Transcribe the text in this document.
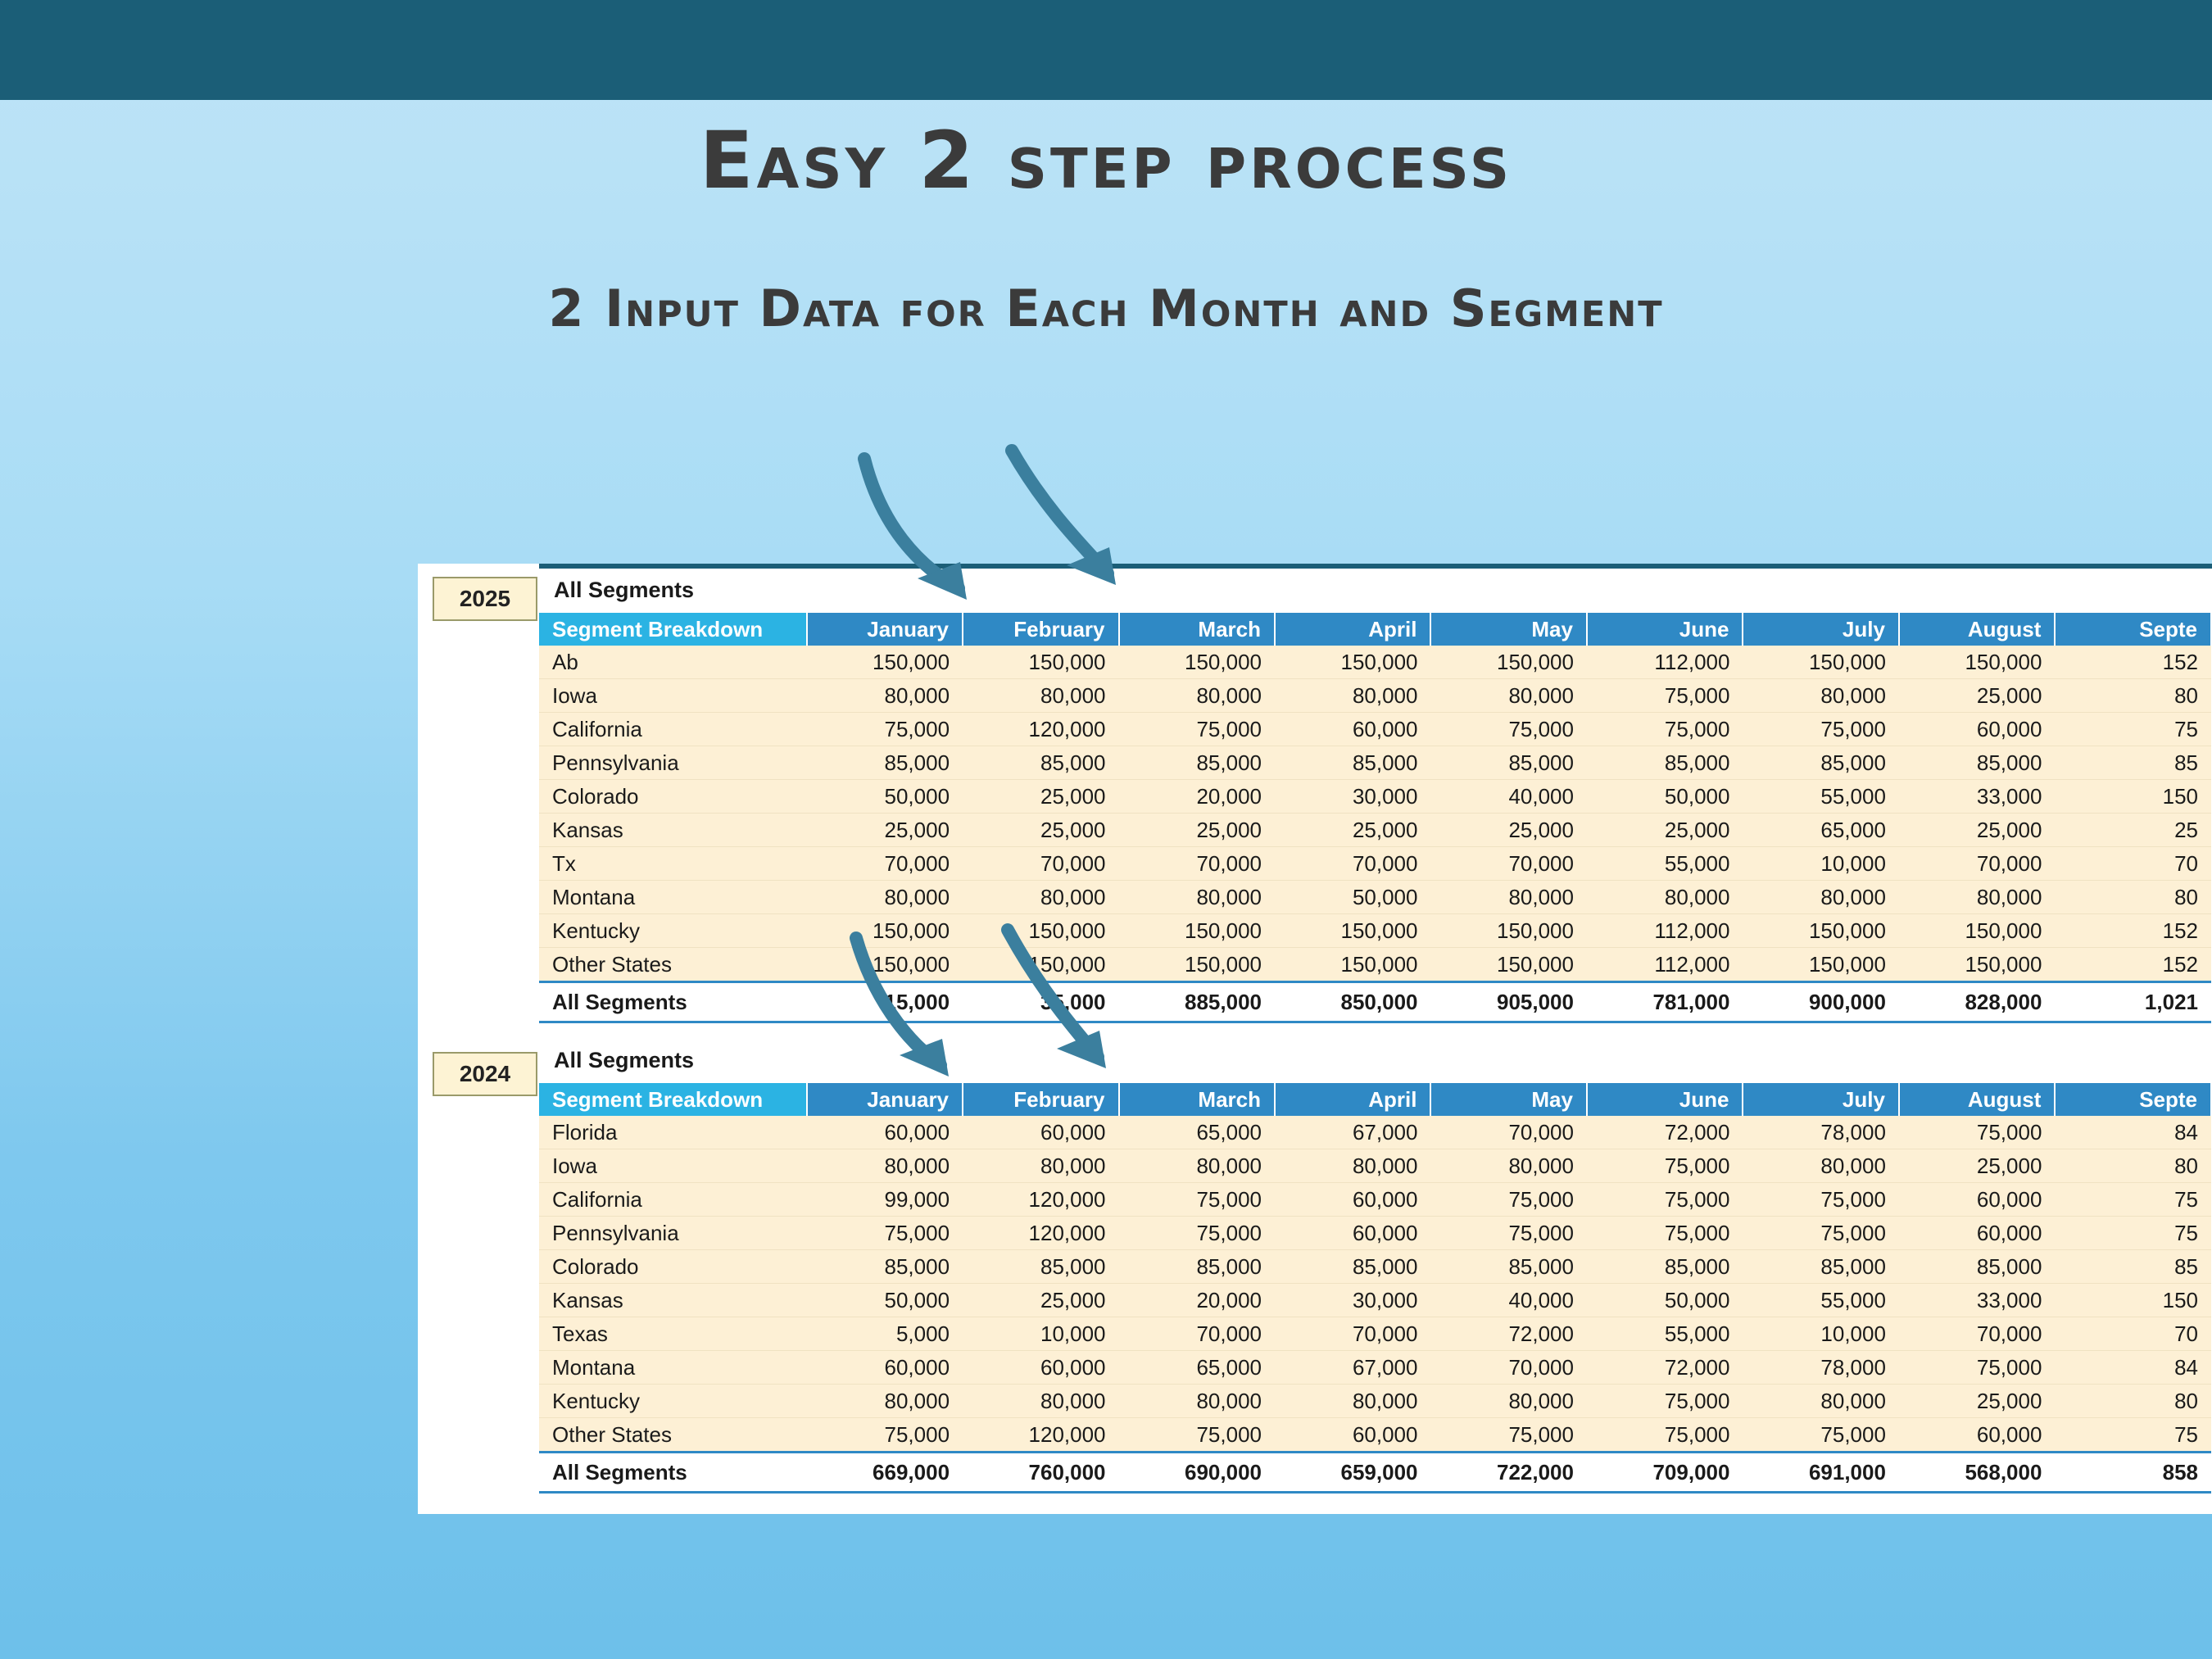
Easy 2 step process
2 Input Data for Each Month and Segment
2025	All Segments
Segment Breakdown	January	February	March	April	May	June	July	August	Septe
Ab	150,000	150,000	150,000	150,000	150,000	112,000	150,000	150,000	152
Iowa	80,000	80,000	80,000	80,000	80,000	75,000	80,000	25,000	80
California	75,000	120,000	75,000	60,000	75,000	75,000	75,000	60,000	75
Pennsylvania	85,000	85,000	85,000	85,000	85,000	85,000	85,000	85,000	85
Colorado	50,000	25,000	20,000	30,000	40,000	50,000	55,000	33,000	150
Kansas	25,000	25,000	25,000	25,000	25,000	25,000	65,000	25,000	25
Tx	70,000	70,000	70,000	70,000	70,000	55,000	10,000	70,000	70
Montana	80,000	80,000	80,000	50,000	80,000	80,000	80,000	80,000	80
Kentucky	150,000	150,000	150,000	150,000	150,000	112,000	150,000	150,000	152
Other States	150,000	150,000	150,000	150,000	150,000	112,000	150,000	150,000	152
All Segments	15,000	35,000	885,000	850,000	905,000	781,000	900,000	828,000	1,021
2024
All Segments
Segment Breakdown	January	February	March	April	May	June	July	August	Septe
Florida	60,000	60,000	65,000	67,000	70,000	72,000	78,000	75,000	84
Iowa	80,000	80,000	80,000	80,000	80,000	75,000	80,000	25,000	80
California	99,000	120,000	75,000	60,000	75,000	75,000	75,000	60,000	75
Pennsylvania	75,000	120,000	75,000	60,000	75,000	75,000	75,000	60,000	75
Colorado	85,000	85,000	85,000	85,000	85,000	85,000	85,000	85,000	85
Kansas	50,000	25,000	20,000	30,000	40,000	50,000	55,000	33,000	150
Texas	5,000	10,000	70,000	70,000	72,000	55,000	10,000	70,000	70
Montana	60,000	60,000	65,000	67,000	70,000	72,000	78,000	75,000	84
Kentucky	80,000	80,000	80,000	80,000	80,000	75,000	80,000	25,000	80
Other States	75,000	120,000	75,000	60,000	75,000	75,000	75,000	60,000	75
All Segments	669,000	760,000	690,000	659,000	722,000	709,000	691,000	568,000	858
